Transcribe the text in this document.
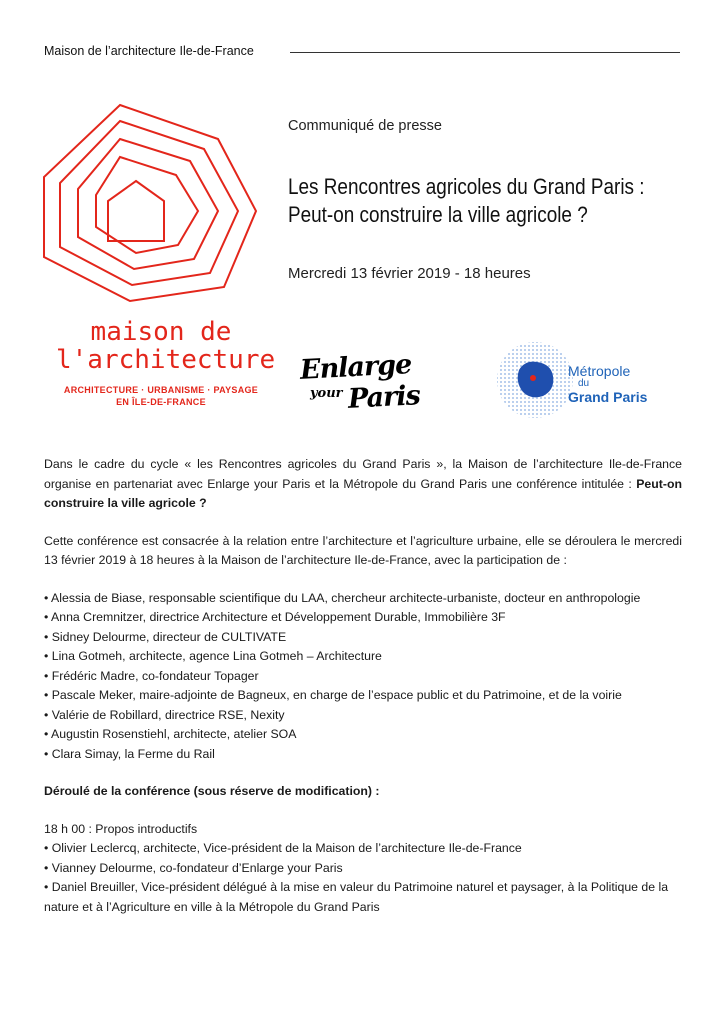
Maison de l’architecture Ile-de-France
maison de
l'architecture
ARCHITECTURE · URBANISME · PAYSAGE
EN ÎLE-DE-FRANCE
Communiqué de presse
Les Rencontres agricoles du Grand Paris :
Peut-on construire la ville agricole ?
Mercredi 13 février 2019 - 18 heures
Enlarge
your Paris
Métropole
du
Grand Paris

Dans le cadre du cycle « les Rencontres agricoles du Grand Paris », la Maison de l’architecture Ile-de-France organise en partenariat avec Enlarge your Paris et la Métropole du Grand Paris une conférence intitulée : Peut-on construire la ville agricole ?

Cette conférence est consacrée à la relation entre l’architecture et l’agriculture urbaine, elle se déroulera le mercredi 13 février 2019 à 18 heures à la Maison de l’architecture Ile-de-France, avec la participation de :

• Alessia de Biase, responsable scientifique du LAA, chercheur architecte-urbaniste, docteur en anthropologie
• Anna Cremnitzer, directrice Architecture et Développement Durable, Immobilière 3F
• Sidney Delourme, directeur de CULTIVATE
• Lina Gotmeh, architecte, agence Lina Gotmeh – Architecture
• Frédéric Madre, co-fondateur Topager
• Pascale Meker, maire-adjointe de Bagneux, en charge de l’espace public et du Patrimoine, et de la voirie
• Valérie de Robillard, directrice RSE, Nexity
• Augustin Rosenstiehl, architecte, atelier SOA
• Clara Simay, la Ferme du Rail

Déroulé de la conférence (sous réserve de modification) :

18 h 00 : Propos introductifs

• Olivier Leclercq, architecte, Vice-président de la Maison de l’architecture Ile-de-France
• Vianney Delourme, co-fondateur d’Enlarge your Paris
• Daniel Breuiller, Vice-président délégué à la mise en valeur du Patrimoine naturel et paysager, à la Politique de la nature et à l’Agriculture en ville à la Métropole du Grand Paris
